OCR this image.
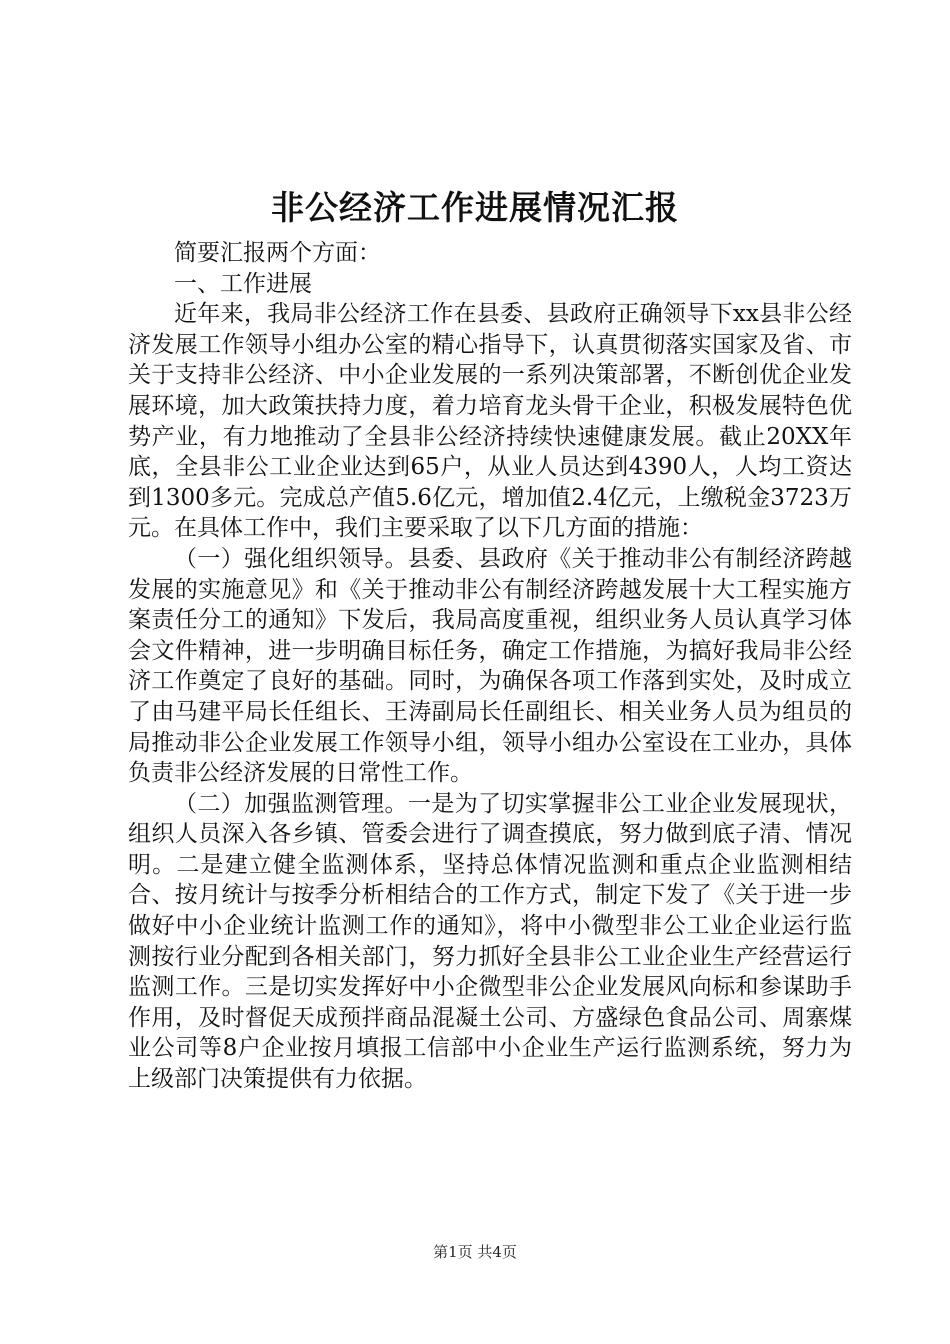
非公经济工作进展情况汇报

简要汇报两个方面：

一、工作进展

近年来，我局非公经济工作在县委、县政府正确领导下xx县非公经济发展工作领导小组办公室的精心指导下，认真贯彻落实国家及省、市关于支持非公经济、中小企业发展的一系列决策部署，不断创优企业发展环境，加大政策扶持力度，着力培育龙头骨干企业，积极发展特色优势产业，有力地推动了全县非公经济持续快速健康发展。截止20XX年底，全县非公工业企业达到65户，从业人员达到4390人，人均工资达到1300多元。完成总产值5.6亿元，增加值2.4亿元，上缴税金3723万元。在具体工作中，我们主要采取了以下几方面的措施：

（一）强化组织领导。县委、县政府《关于推动非公有制经济跨越发展的实施意见》和《关于推动非公有制经济跨越发展十大工程实施方案责任分工的通知》下发后，我局高度重视，组织业务人员认真学习体会文件精神，进一步明确目标任务，确定工作措施，为搞好我局非公经济工作奠定了良好的基础。同时，为确保各项工作落到实处，及时成立了由马建平局长任组长、王涛副局长任副组长、相关业务人员为组员的局推动非公企业发展工作领导小组，领导小组办公室设在工业办，具体负责非公经济发展的日常性工作。

（二）加强监测管理。一是为了切实掌握非公工业企业发展现状，组织人员深入各乡镇、管委会进行了调查摸底，努力做到底子清、情况明。二是建立健全监测体系，坚持总体情况监测和重点企业监测相结合、按月统计与按季分析相结合的工作方式，制定下发了《关于进一步做好中小企业统计监测工作的通知》，将中小微型非公工业企业运行监测按行业分配到各相关部门，努力抓好全县非公工业企业生产经营运行监测工作。三是切实发挥好中小企微型非公企业发展风向标和参谋助手作用，及时督促天成预拌商品混凝土公司、方盛绿色食品公司、周寨煤业公司等8户企业按月填报工信部中小企业生产运行监测系统，努力为上级部门决策提供有力依据。

第1页 共4页
